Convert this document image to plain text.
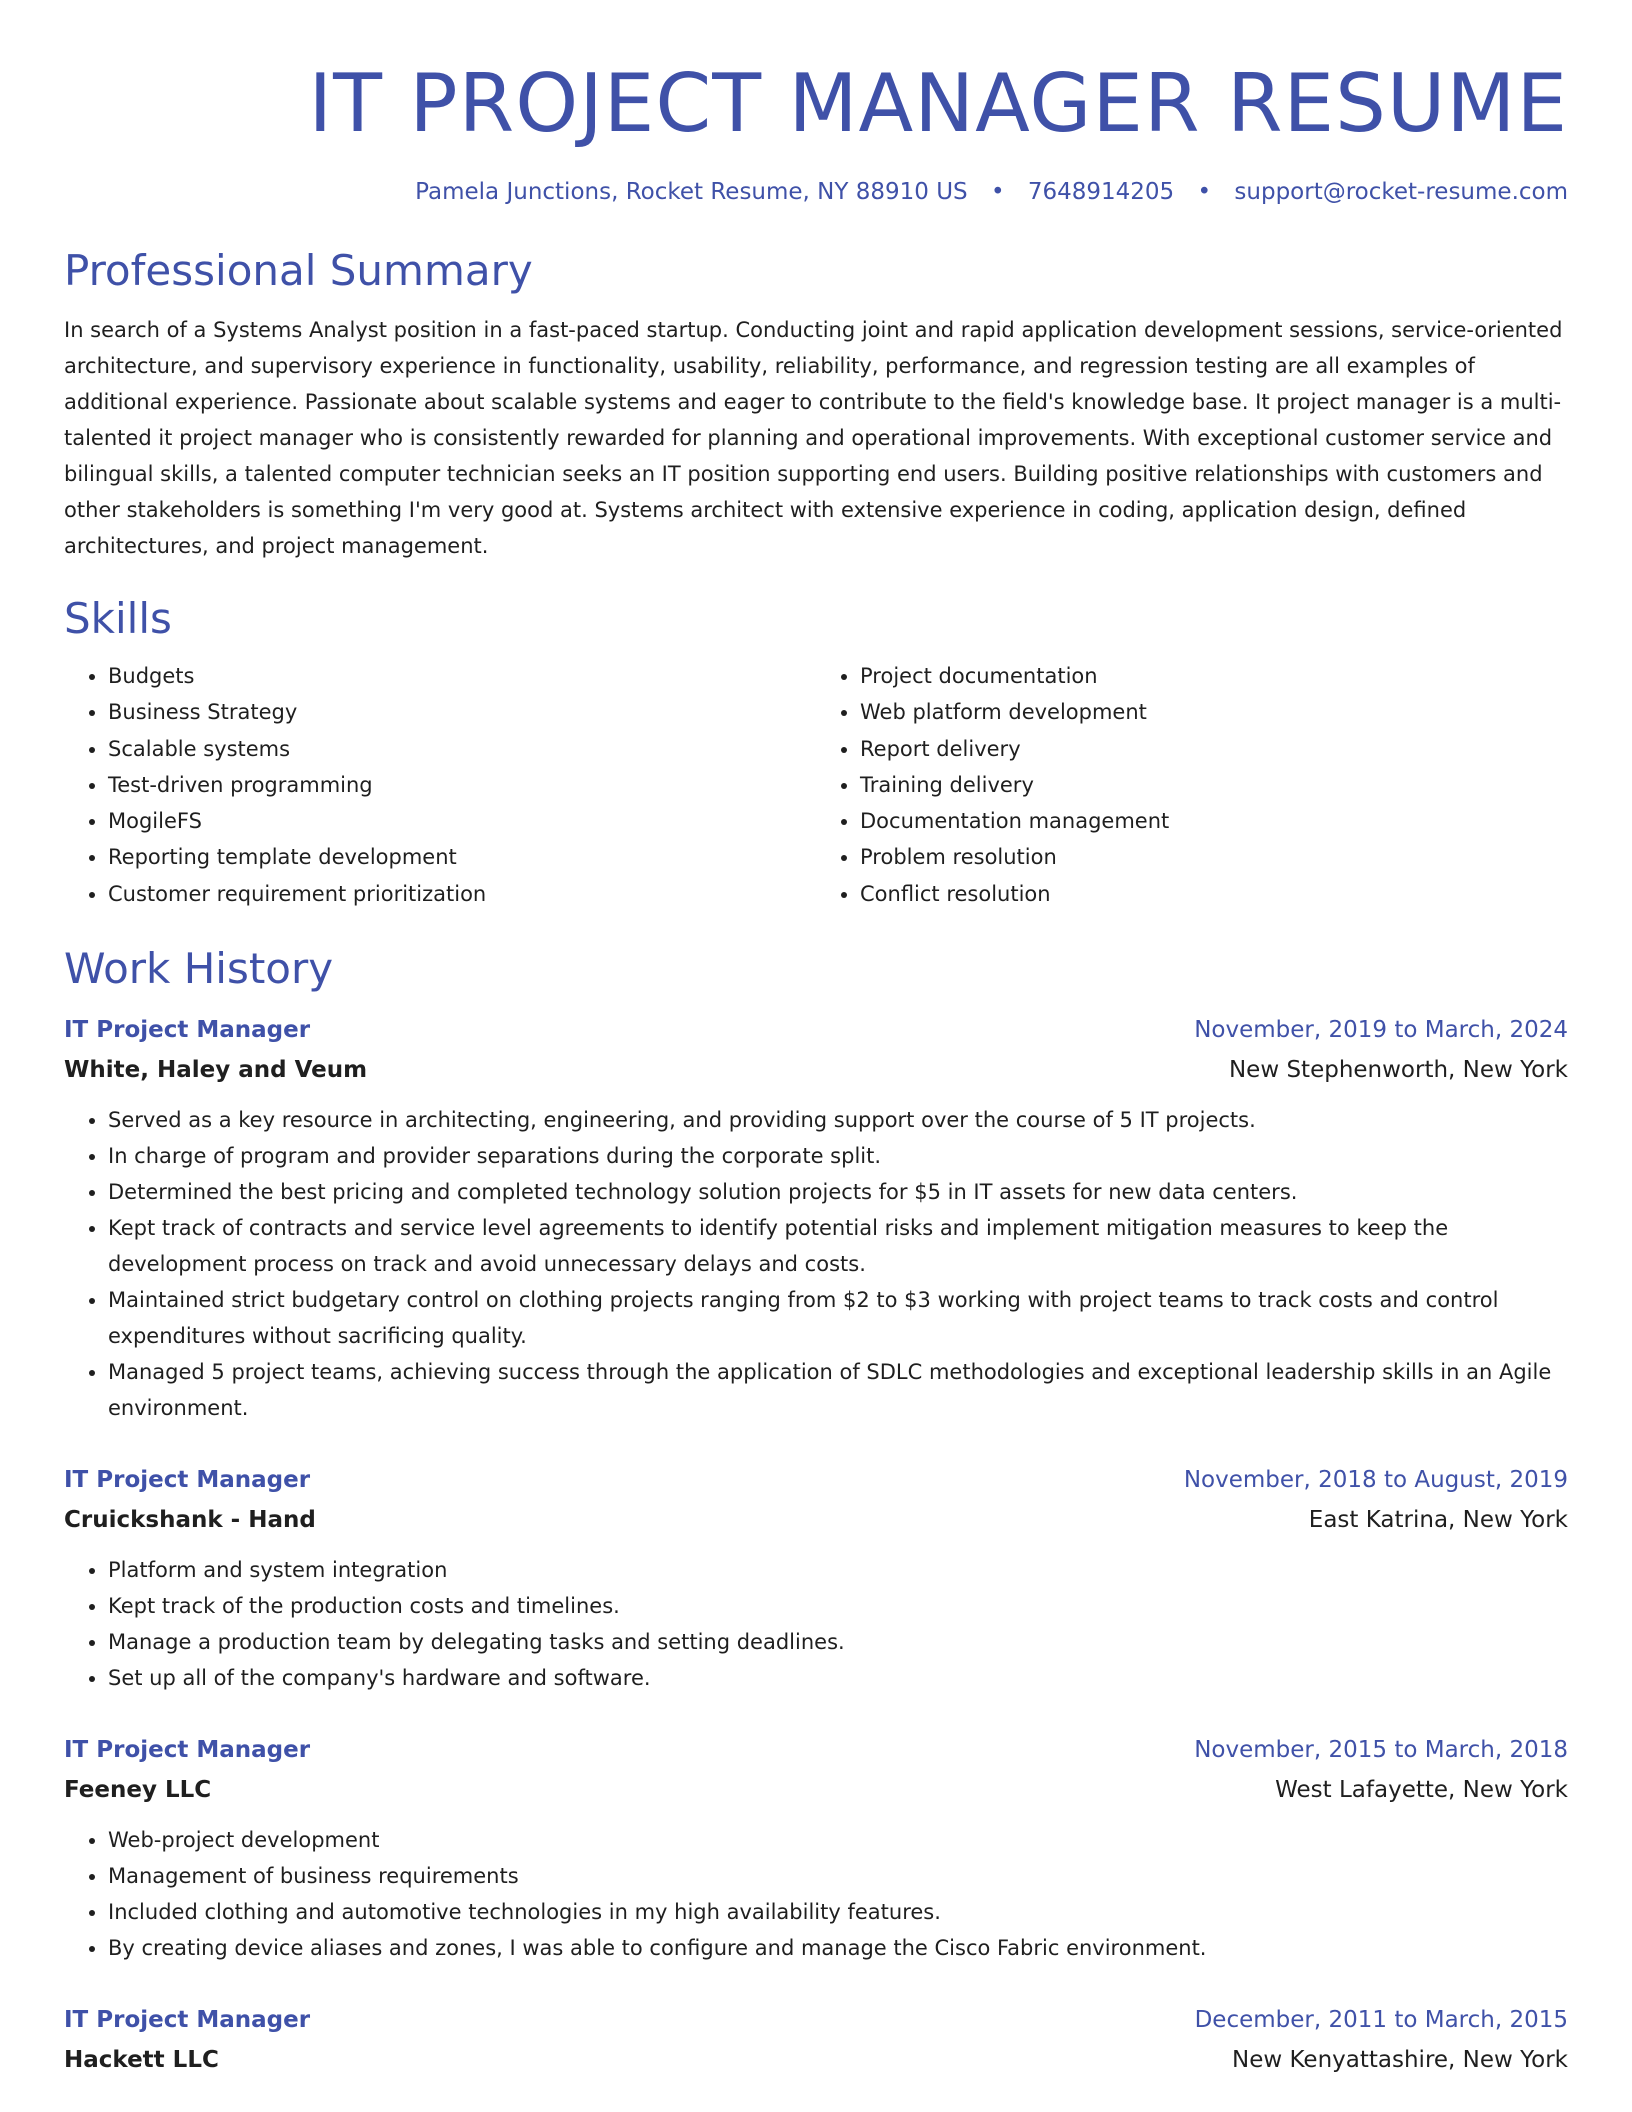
IT PROJECT MANAGER RESUME
Pamela Junctions, Rocket Resume, NY 88910 US • 7648914205 • support@rocket-resume.com
Professional Summary
In search of a Systems Analyst position in a fast-paced startup. Conducting joint and rapid application development sessions, service-oriented architecture, and supervisory experience in functionality, usability, reliability, performance, and regression testing are all examples of additional experience. Passionate about scalable systems and eager to contribute to the field's knowledge base. It project manager is a multi-talented it project manager who is consistently rewarded for planning and operational improvements. With exceptional customer service and bilingual skills, a talented computer technician seeks an IT position supporting end users. Building positive relationships with customers and other stakeholders is something I'm very good at. Systems architect with extensive experience in coding, application design, defined architectures, and project management.
Skills
• Budgets
• Business Strategy
• Scalable systems
• Test-driven programming
• MogileFS
• Reporting template development
• Customer requirement prioritization
• Project documentation
• Web platform development
• Report delivery
• Training delivery
• Documentation management
• Problem resolution
• Conflict resolution
Work History
IT Project Manager	November, 2019 to March, 2024
White, Haley and Veum	New Stephenworth, New York
• Served as a key resource in architecting, engineering, and providing support over the course of 5 IT projects.
• In charge of program and provider separations during the corporate split.
• Determined the best pricing and completed technology solution projects for $5 in IT assets for new data centers.
• Kept track of contracts and service level agreements to identify potential risks and implement mitigation measures to keep the development process on track and avoid unnecessary delays and costs.
• Maintained strict budgetary control on clothing projects ranging from $2 to $3 working with project teams to track costs and control expenditures without sacrificing quality.
• Managed 5 project teams, achieving success through the application of SDLC methodologies and exceptional leadership skills in an Agile environment.
IT Project Manager	November, 2018 to August, 2019
Cruickshank - Hand	East Katrina, New York
• Platform and system integration
• Kept track of the production costs and timelines.
• Manage a production team by delegating tasks and setting deadlines.
• Set up all of the company's hardware and software.
IT Project Manager	November, 2015 to March, 2018
Feeney LLC	West Lafayette, New York
• Web-project development
• Management of business requirements
• Included clothing and automotive technologies in my high availability features.
• By creating device aliases and zones, I was able to configure and manage the Cisco Fabric environment.
IT Project Manager	December, 2011 to March, 2015
Hackett LLC	New Kenyattashire, New York
